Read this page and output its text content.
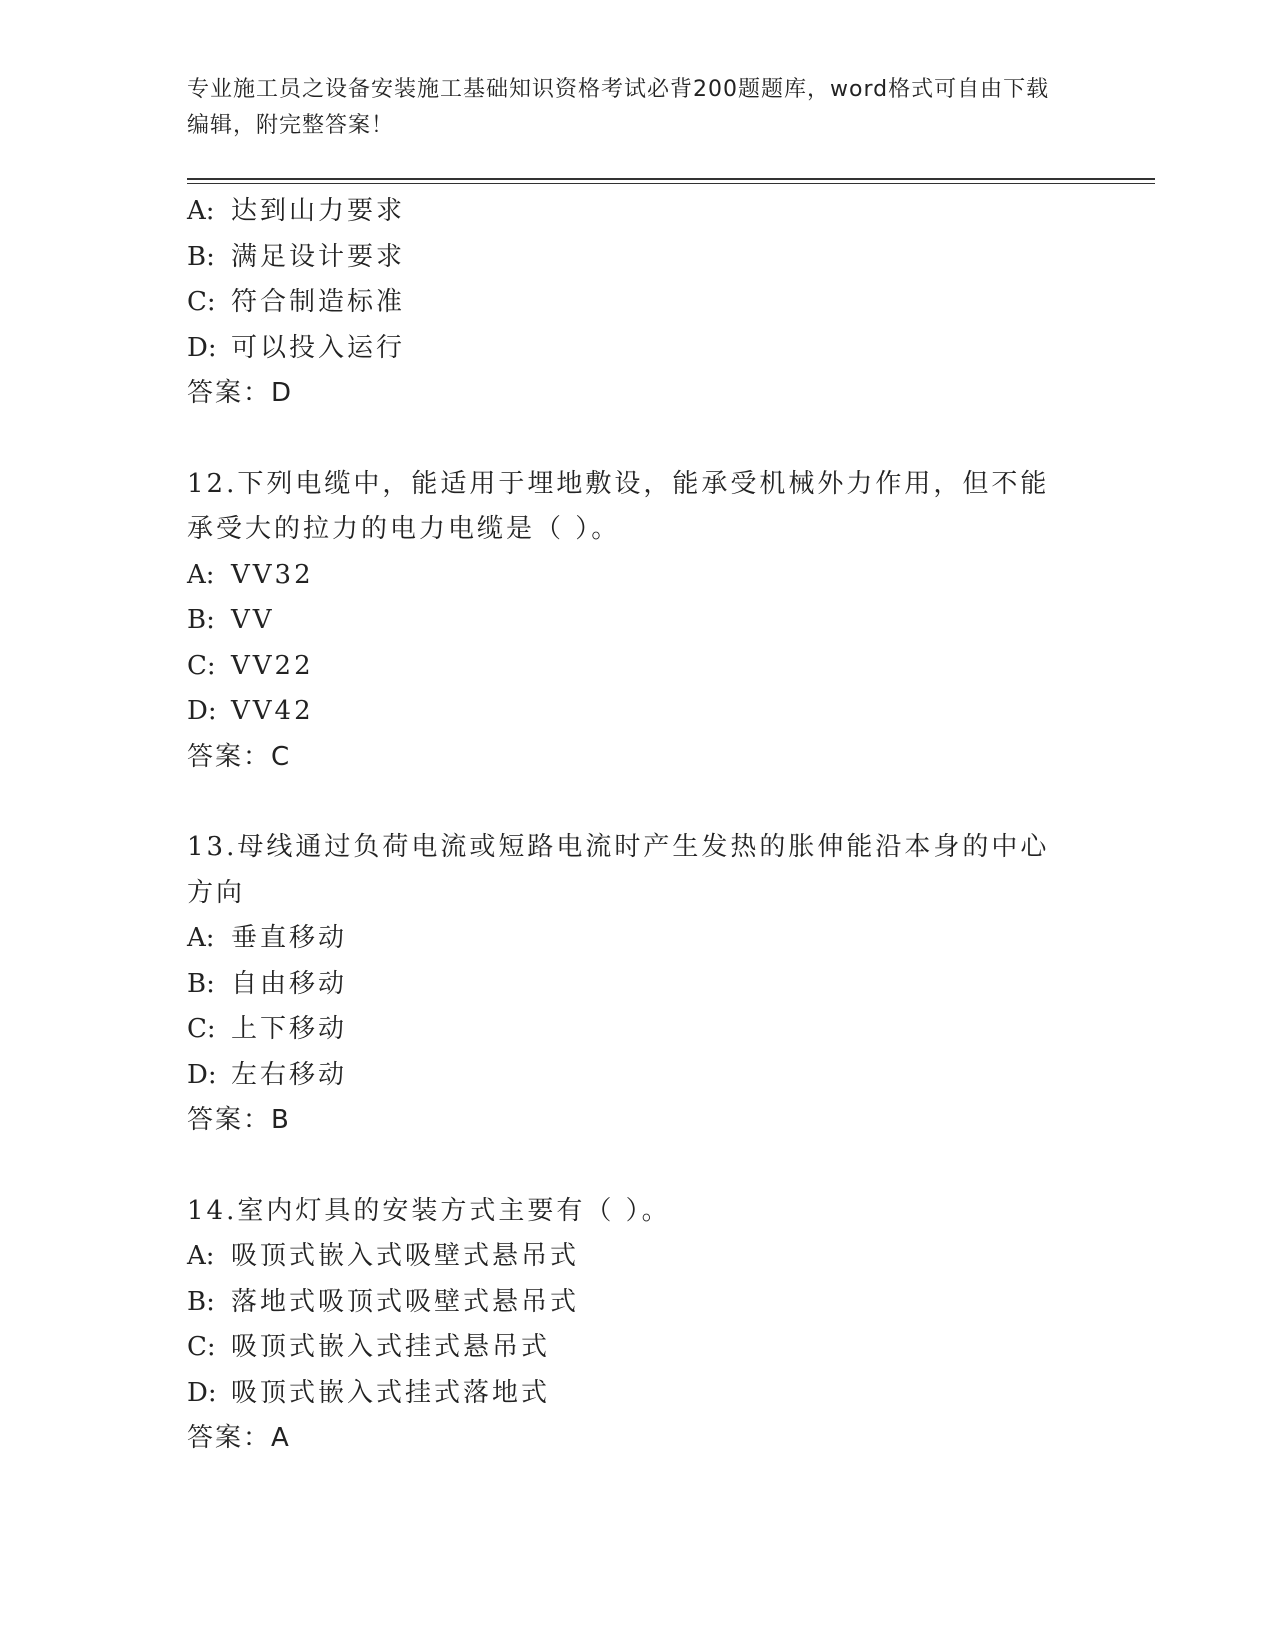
专业施工员之设备安装施工基础知识资格考试必背200题题库，word格式可自由下载编辑，附完整答案！
A: 达到山力要求
B: 满足设计要求
C: 符合制造标准
D: 可以投入运行
答案：D
12.下列电缆中，能适用于埋地敷设，能承受机械外力作用，但不能承受大的拉力的电力电缆是（ ）。
A: VV32
B: VV
C: VV22
D: VV42
答案：C
13.母线通过负荷电流或短路电流时产生发热的胀伸能沿本身的中心方向
A: 垂直移动
B: 自由移动
C: 上下移动
D: 左右移动
答案：B
14.室内灯具的安装方式主要有（ ）。
A: 吸顶式嵌入式吸壁式悬吊式
B: 落地式吸顶式吸壁式悬吊式
C: 吸顶式嵌入式挂式悬吊式
D: 吸顶式嵌入式挂式落地式
答案：A
